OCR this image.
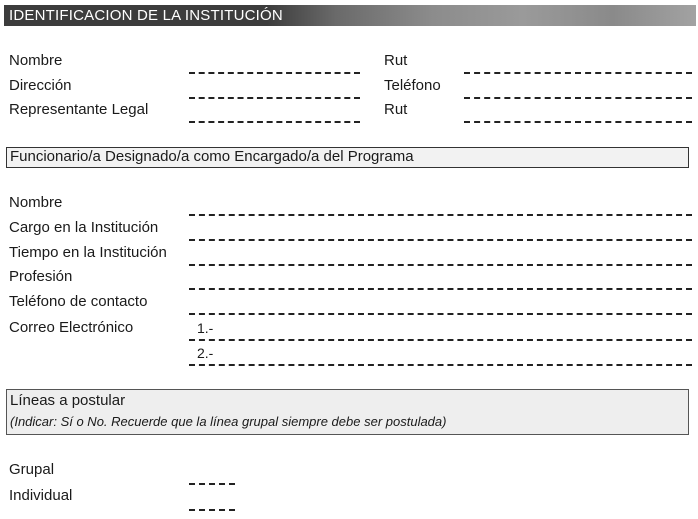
IDENTIFICACION DE LA INSTITUCIÓN
Nombre	Rut
Dirección	Teléfono
Representante Legal	Rut
Funcionario/a Designado/a como Encargado/a del Programa
Nombre
Cargo en la Institución
Tiempo en la Institución
Profesión
Teléfono de contacto
Correo Electrónico	1.-
2.-
Líneas a postular
(Indicar: Sí o No. Recuerde que la línea grupal siempre debe ser postulada)
Grupal
Individual
